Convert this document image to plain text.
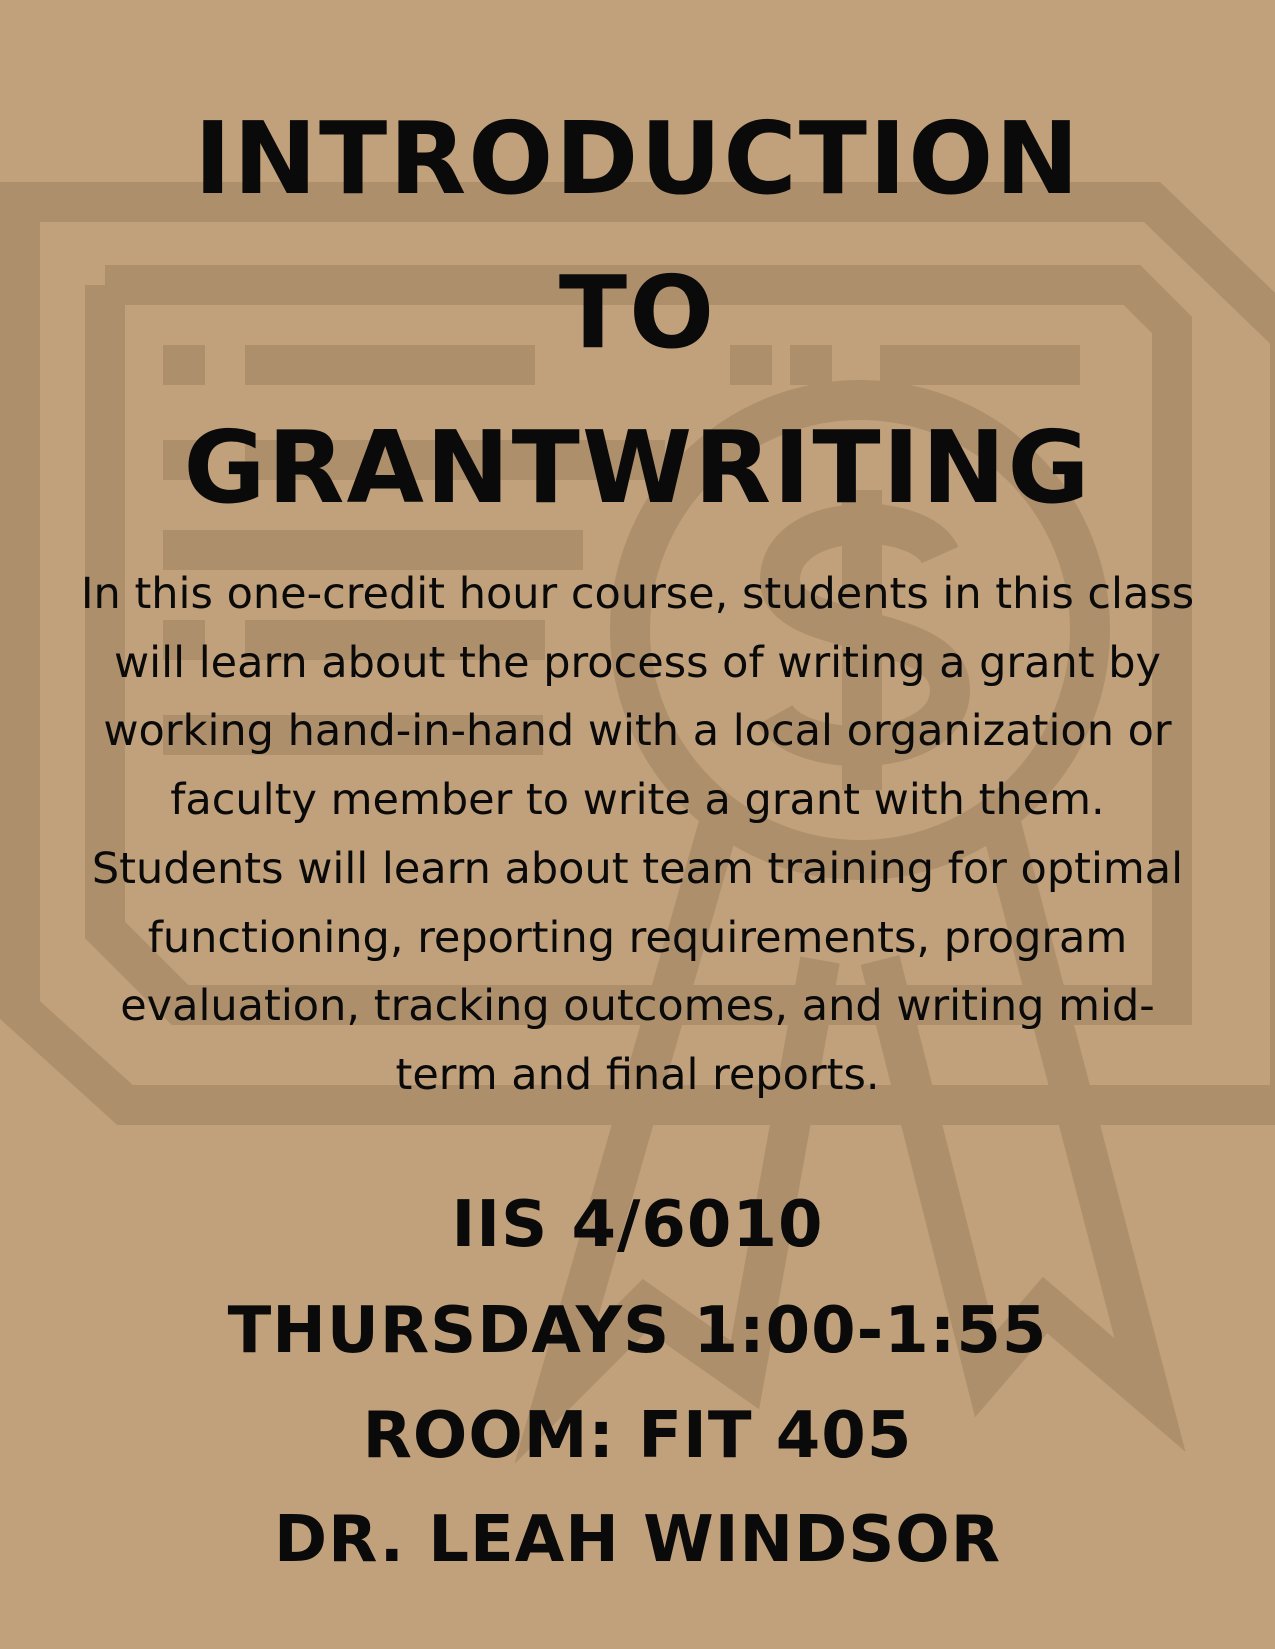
INTRODUCTION
TO
GRANTWRITING

In this one-credit hour course, students in this class will learn about the process of writing a grant by working hand-in-hand with a local organization or faculty member to write a grant with them. Students will learn about team training for optimal functioning, reporting requirements, program evaluation, tracking outcomes, and writing mid-term and final reports.

IIS 4/6010
THURSDAYS 1:00-1:55
ROOM: FIT 405
DR. LEAH WINDSOR
